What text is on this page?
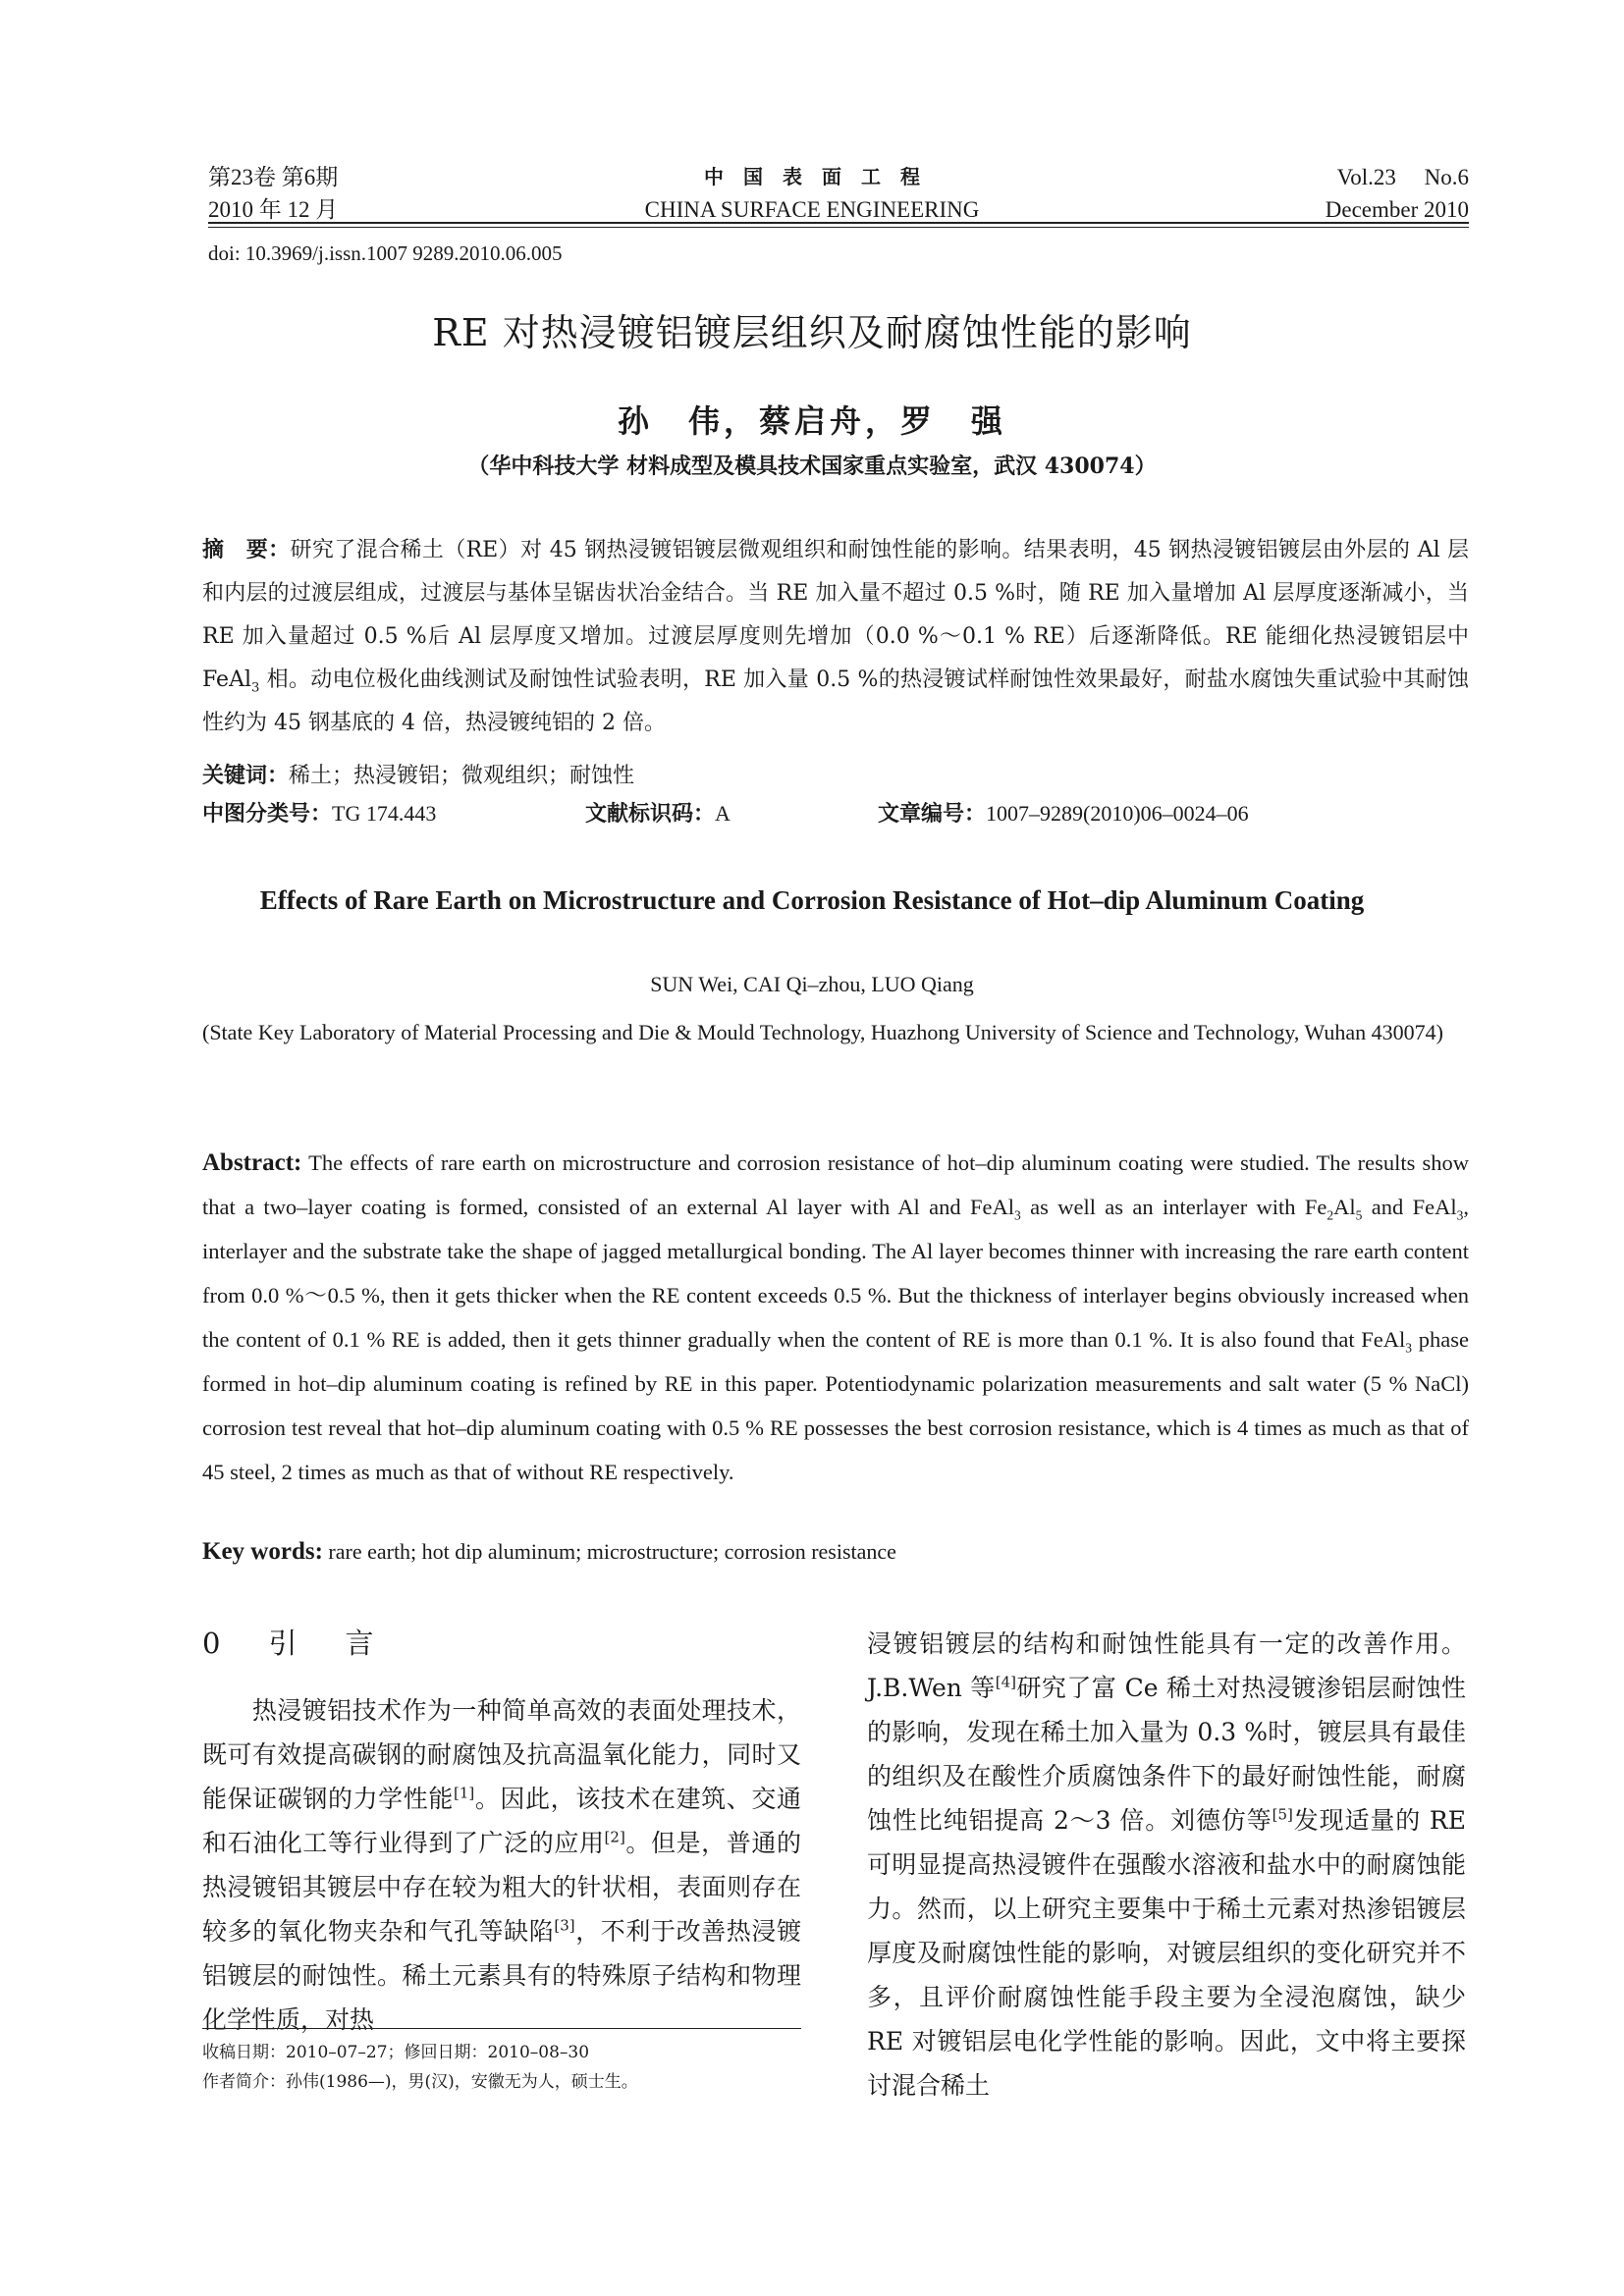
第23卷 第6期
2010 年 12 月
中　国　表　面　工　程
CHINA SURFACE ENGINEERING
Vol.23　 No.6
December 2010
doi: 10.3969/j.issn.1007 9289.2010.06.005
RE 对热浸镀铝镀层组织及耐腐蚀性能的影响
孙　伟，蔡启舟，罗　强
（华中科技大学 材料成型及模具技术国家重点实验室，武汉 430074）
摘　要：研究了混合稀土（RE）对 45 钢热浸镀铝镀层微观组织和耐蚀性能的影响。结果表明，45 钢热浸镀铝镀层由外层的 Al 层和内层的过渡层组成，过渡层与基体呈锯齿状冶金结合。当 RE 加入量不超过 0.5 %时，随 RE 加入量增加 Al 层厚度逐渐减小，当 RE 加入量超过 0.5 %后 Al 层厚度又增加。过渡层厚度则先增加（0.0 %～0.1 % RE）后逐渐降低。RE 能细化热浸镀铝层中 FeAl$_3$ 相。动电位极化曲线测试及耐蚀性试验表明，RE 加入量 0.5 %的热浸镀试样耐蚀性效果最好，耐盐水腐蚀失重试验中其耐蚀性约为 45 钢基底的 4 倍，热浸镀纯铝的 2 倍。
关键词：稀土；热浸镀铝；微观组织；耐蚀性
中图分类号：TG 174.443	文献标识码：A	文章编号：1007–9289(2010)06–0024–06
Effects of Rare Earth on Microstructure and Corrosion Resistance of Hot–dip Aluminum Coating
SUN Wei, CAI Qi–zhou, LUO Qiang
(State Key Laboratory of Material Processing and Die & Mould Technology, Huazhong University of Science and Technology, Wuhan 430074)
Abstract: The effects of rare earth on microstructure and corrosion resistance of hot–dip aluminum coating were studied. The results show that a two–layer coating is formed, consisted of an external Al layer with Al and FeAl$_3$ as well as an interlayer with $Fe_2Al_5$ and FeAl$_3$, interlayer and the substrate take the shape of jagged metallurgical bonding. The Al layer becomes thinner with increasing the rare earth content from 0.0 %～0.5 %, then it gets thicker when the RE content exceeds 0.5 %. But the thickness of interlayer begins obviously increased when the content of 0.1 % RE is added, then it gets thinner gradually when the content of RE is more than 0.1 %. It is also found that FeAl$_3$ phase formed in hot–dip aluminum coating is refined by RE in this paper. Potentiodynamic polarization measurements and salt water (5 % NaCl) corrosion test reveal that hot–dip aluminum coating with 0.5 % RE possesses the best corrosion resistance, which is 4 times as much as that of 45 steel, 2 times as much as that of without RE respectively.
Key words: rare earth; hot dip aluminum; microstructure; corrosion resistance
0　引　言
　　热浸镀铝技术作为一种简单高效的表面处理技术，既可有效提高碳钢的耐腐蚀及抗高温氧化能力，同时又能保证碳钢的力学性能[1]。因此，该技术在建筑、交通和石油化工等行业得到了广泛的应用[2]。但是，普通的热浸镀铝其镀层中存在较为粗大的针状相，表面则存在较多的氧化物夹杂和气孔等缺陷[3]，不利于改善热浸镀铝镀层的耐蚀性。稀土元素具有的特殊原子结构和物理化学性质，对热
浸镀铝镀层的结构和耐蚀性能具有一定的改善作用。J.B.Wen 等[4]研究了富 Ce 稀土对热浸镀渗铝层耐蚀性的影响，发现在稀土加入量为 0.3 %时，镀层具有最佳的组织及在酸性介质腐蚀条件下的最好耐蚀性能，耐腐蚀性比纯铝提高 2～3 倍。刘德仿等[5]发现适量的 RE 可明显提高热浸镀件在强酸水溶液和盐水中的耐腐蚀能力。然而，以上研究主要集中于稀土元素对热渗铝镀层厚度及耐腐蚀性能的影响，对镀层组织的变化研究并不多，且评价耐腐蚀性能手段主要为全浸泡腐蚀，缺少 RE 对镀铝层电化学性能的影响。因此，文中将主要探讨混合稀土
收稿日期：2010–07–27；修回日期：2010–08–30
作者简介：孙伟(1986—)，男(汉)，安徽无为人，硕士生。
